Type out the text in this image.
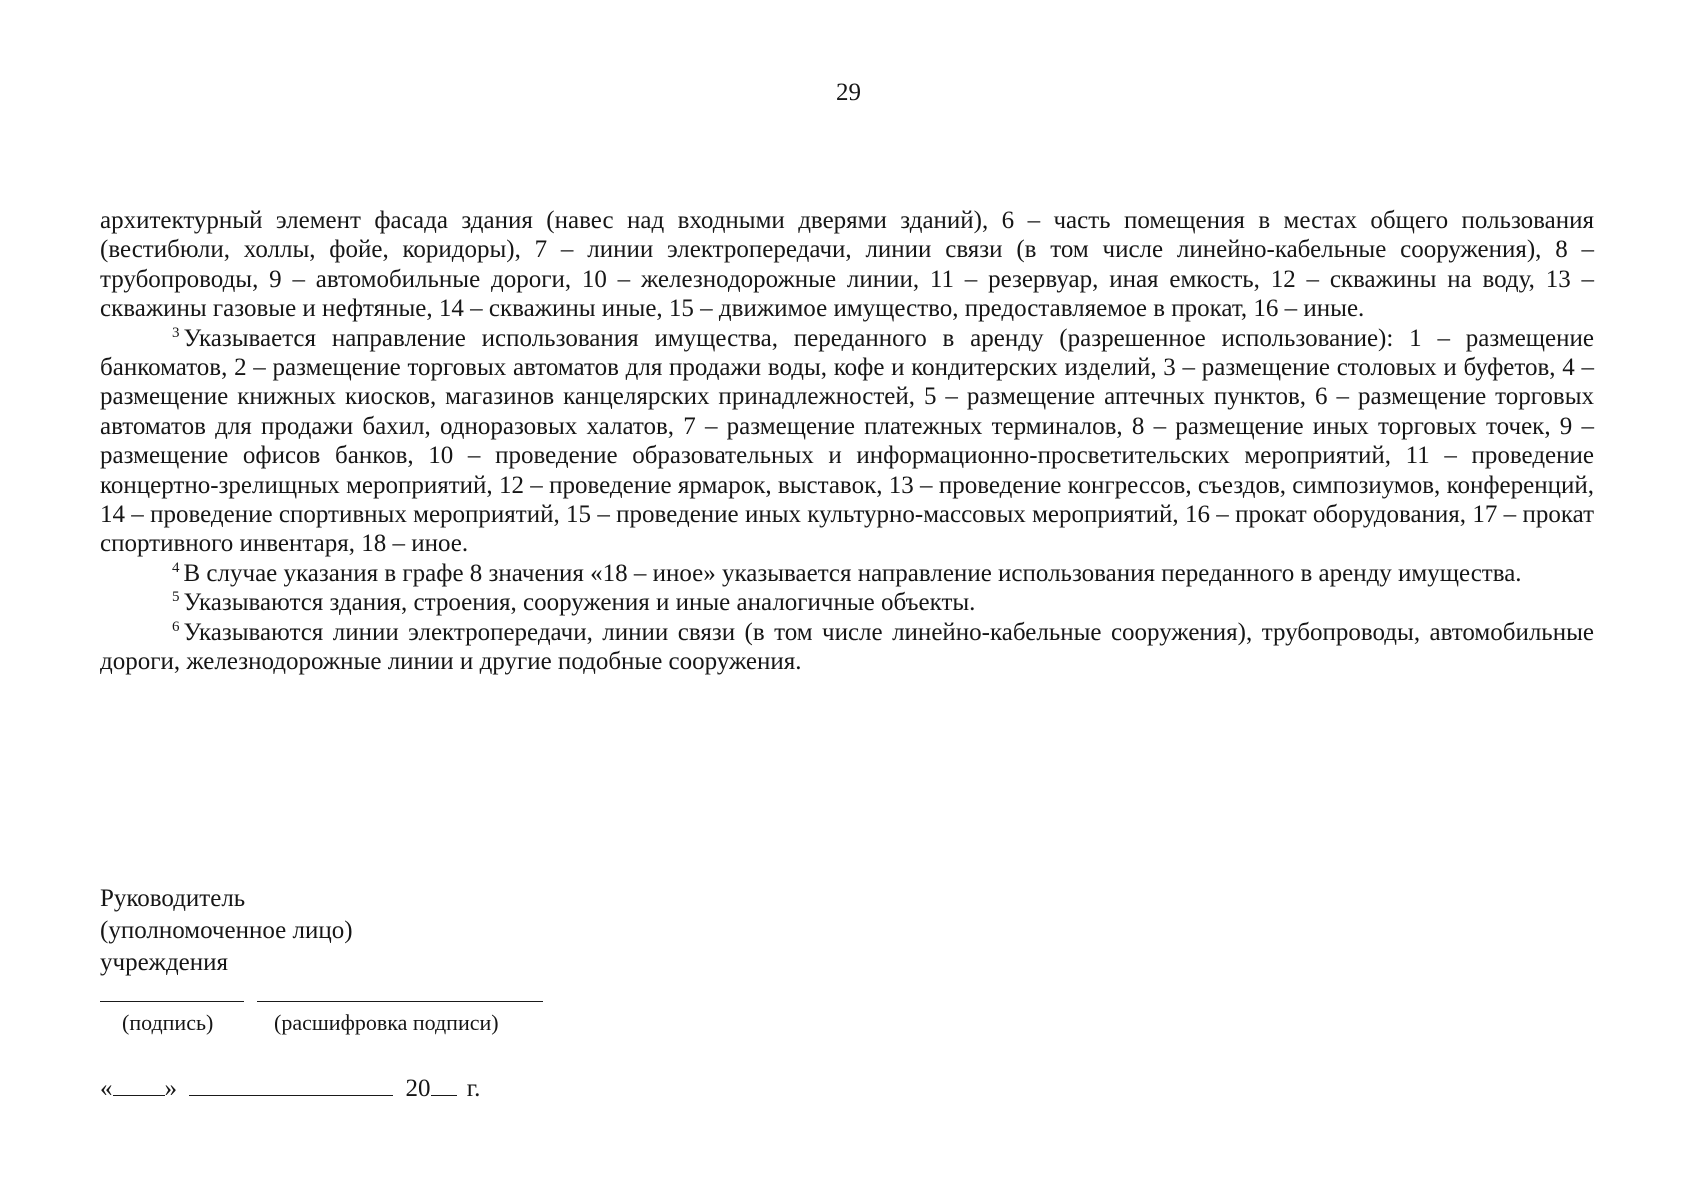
29

архитектурный элемент фасада здания (навес над входными дверями зданий), 6 – часть помещения в местах общего пользования (вестибюли, холлы, фойе, коридоры), 7 – линии электропередачи, линии связи (в том числе линейно-кабельные сооружения), 8 – трубопроводы, 9 – автомобильные дороги, 10 – железнодорожные линии, 11 – резервуар, иная емкость, 12 – скважины на воду, 13 – скважины газовые и нефтяные, 14 – скважины иные, 15 – движимое имущество, предоставляемое в прокат, 16 – иные.

$^3$ Указывается направление использования имущества, переданного в аренду (разрешенное использование): 1 – размещение банкоматов, 2 – размещение торговых автоматов для продажи воды, кофе и кондитерских изделий, 3 – размещение столовых и буфетов, 4 – размещение книжных киосков, магазинов канцелярских принадлежностей, 5 – размещение аптечных пунктов, 6 – размещение торговых автоматов для продажи бахил, одноразовых халатов, 7 – размещение платежных терминалов, 8 – размещение иных торговых точек, 9 – размещение офисов банков, 10 – проведение образовательных и информационно-просветительских мероприятий, 11 – проведение концертно-зрелищных мероприятий, 12 – проведение ярмарок, выставок, 13 – проведение конгрессов, съездов, симпозиумов, конференций, 14 – проведение спортивных мероприятий, 15 – проведение иных культурно-массовых мероприятий, 16 – прокат оборудования, 17 – прокат спортивного инвентаря, 18 – иное.

$^4$ В случае указания в графе 8 значения «18 – иное» указывается направление использования переданного в аренду имущества.

$^5$ Указываются здания, строения, сооружения и иные аналогичные объекты.

$^6$ Указываются линии электропередачи, линии связи (в том числе линейно-кабельные сооружения), трубопроводы, автомобильные дороги, железнодорожные линии и другие подобные сооружения.

Руководитель
(уполномоченное лицо)
учреждения
(подпись)	(расшифровка подписи)
« »	20 г.
